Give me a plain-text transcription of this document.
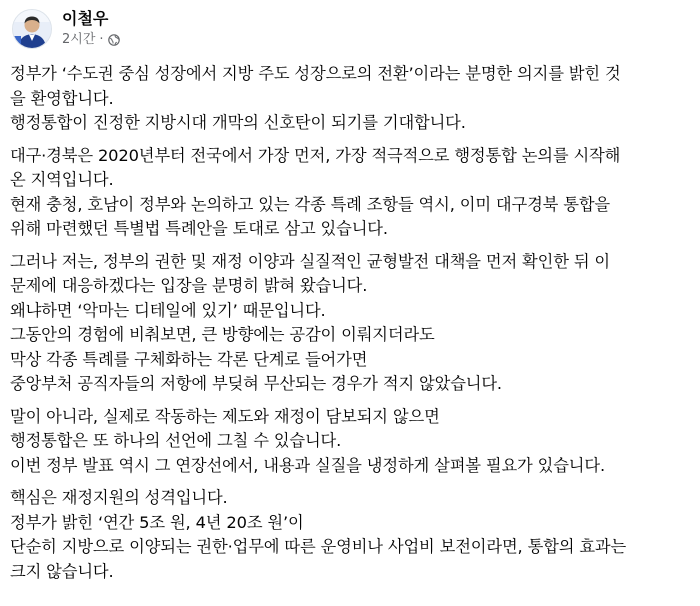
이철우
2시간 ·

정부가 ‘수도권 중심 성장에서 지방 주도 성장으로의 전환’이라는 분명한 의지를 밝힌 것
을 환영합니다.
행정통합이 진정한 지방시대 개막의 신호탄이 되기를 기대합니다.

대구·경북은 2020년부터 전국에서 가장 먼저, 가장 적극적으로 행정통합 논의를 시작해
온 지역입니다.
현재 충청, 호남이 정부와 논의하고 있는 각종 특례 조항들 역시, 이미 대구경북 통합을
위해 마련했던 특별법 특례안을 토대로 삼고 있습니다.

그러나 저는, 정부의 권한 및 재정 이양과 실질적인 균형발전 대책을 먼저 확인한 뒤 이
문제에 대응하겠다는 입장을 분명히 밝혀 왔습니다.
왜냐하면 ‘악마는 디테일에 있기’ 때문입니다.
그동안의 경험에 비춰보면, 큰 방향에는 공감이 이뤄지더라도
막상 각종 특례를 구체화하는 각론 단계로 들어가면
중앙부처 공직자들의 저항에 부딪혀 무산되는 경우가 적지 않았습니다.

말이 아니라, 실제로 작동하는 제도와 재정이 담보되지 않으면
행정통합은 또 하나의 선언에 그칠 수 있습니다.
이번 정부 발표 역시 그 연장선에서, 내용과 실질을 냉정하게 살펴볼 필요가 있습니다.

핵심은 재정지원의 성격입니다.
정부가 밝힌 ‘연간 5조 원, 4년 20조 원’이
단순히 지방으로 이양되는 권한·업무에 따른 운영비나 사업비 보전이라면, 통합의 효과는
크지 않습니다.
